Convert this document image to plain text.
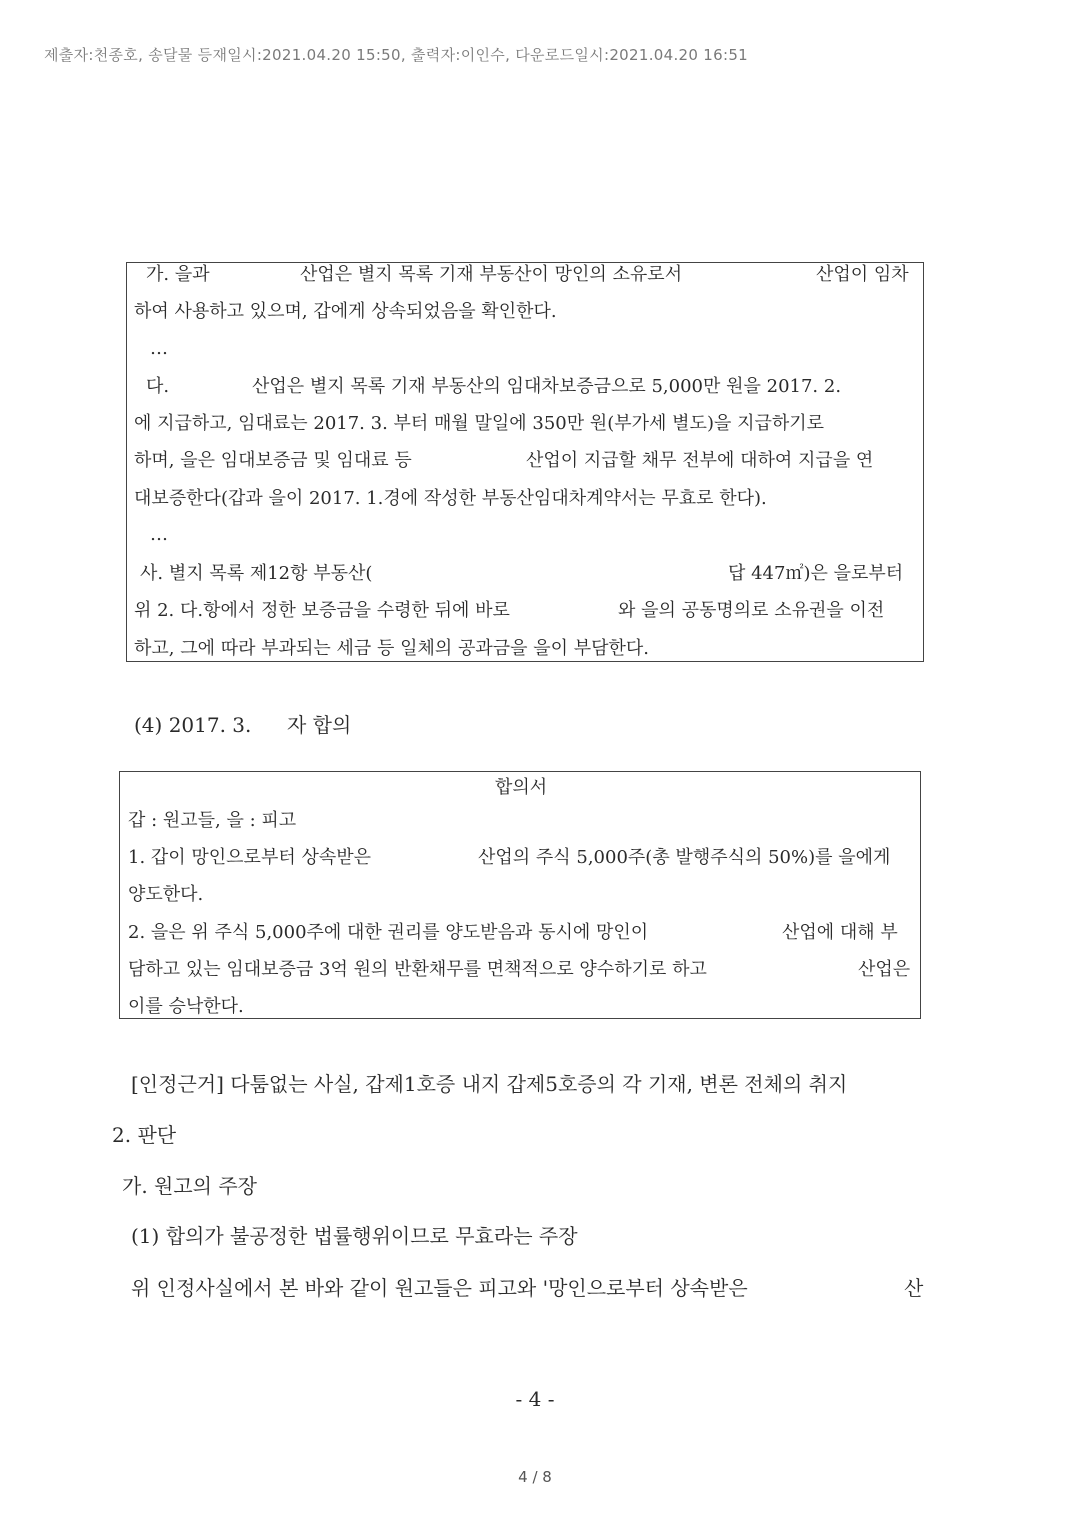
제출자:천종호, 송달물 등재일시:2021.04.20 15:50, 출력자:이인수, 다운로드일시:2021.04.20 16:51
가. 을과	산업은 별지 목록 기재 부동산이 망인의 소유로서	산업이 임차
하여 사용하고 있으며, 갑에게 상속되었음을 확인한다.
…
다.	산업은 별지 목록 기재 부동산의 임대차보증금으로 5,000만 원을 2017. 2.
에 지급하고, 임대료는 2017. 3. 부터 매월 말일에 350만 원(부가세 별도)을 지급하기로
하며, 을은 임대보증금 및 임대료 등	산업이 지급할 채무 전부에 대하여 지급을 연
대보증한다(갑과 을이 2017. 1.경에 작성한 부동산임대차계약서는 무효로 한다).
…
사. 별지 목록 제12항 부동산(	답 447㎡)은 을로부터
위 2. 다.항에서 정한 보증금을 수령한 뒤에 바로	와 을의 공동명의로 소유권을 이전
하고, 그에 따라 부과되는 세금 등 일체의 공과금을 을이 부담한다.
(4) 2017. 3. 자 합의
합의서
갑 : 원고들, 을 : 피고
1. 갑이 망인으로부터 상속받은	산업의 주식 5,000주(총 발행주식의 50%)를 을에게
양도한다.
2. 을은 위 주식 5,000주에 대한 권리를 양도받음과 동시에 망인이	산업에 대해 부
담하고 있는 임대보증금 3억 원의 반환채무를 면책적으로 양수하기로 하고	산업은
이를 승낙한다.
[인정근거] 다툼없는 사실, 갑제1호증 내지 갑제5호증의 각 기재, 변론 전체의 취지
2. 판단
가. 원고의 주장
(1) 합의가 불공정한 법률행위이므로 무효라는 주장
위 인정사실에서 본 바와 같이 원고들은 피고와 '망인으로부터 상속받은	산
- 4 -
4 / 8
